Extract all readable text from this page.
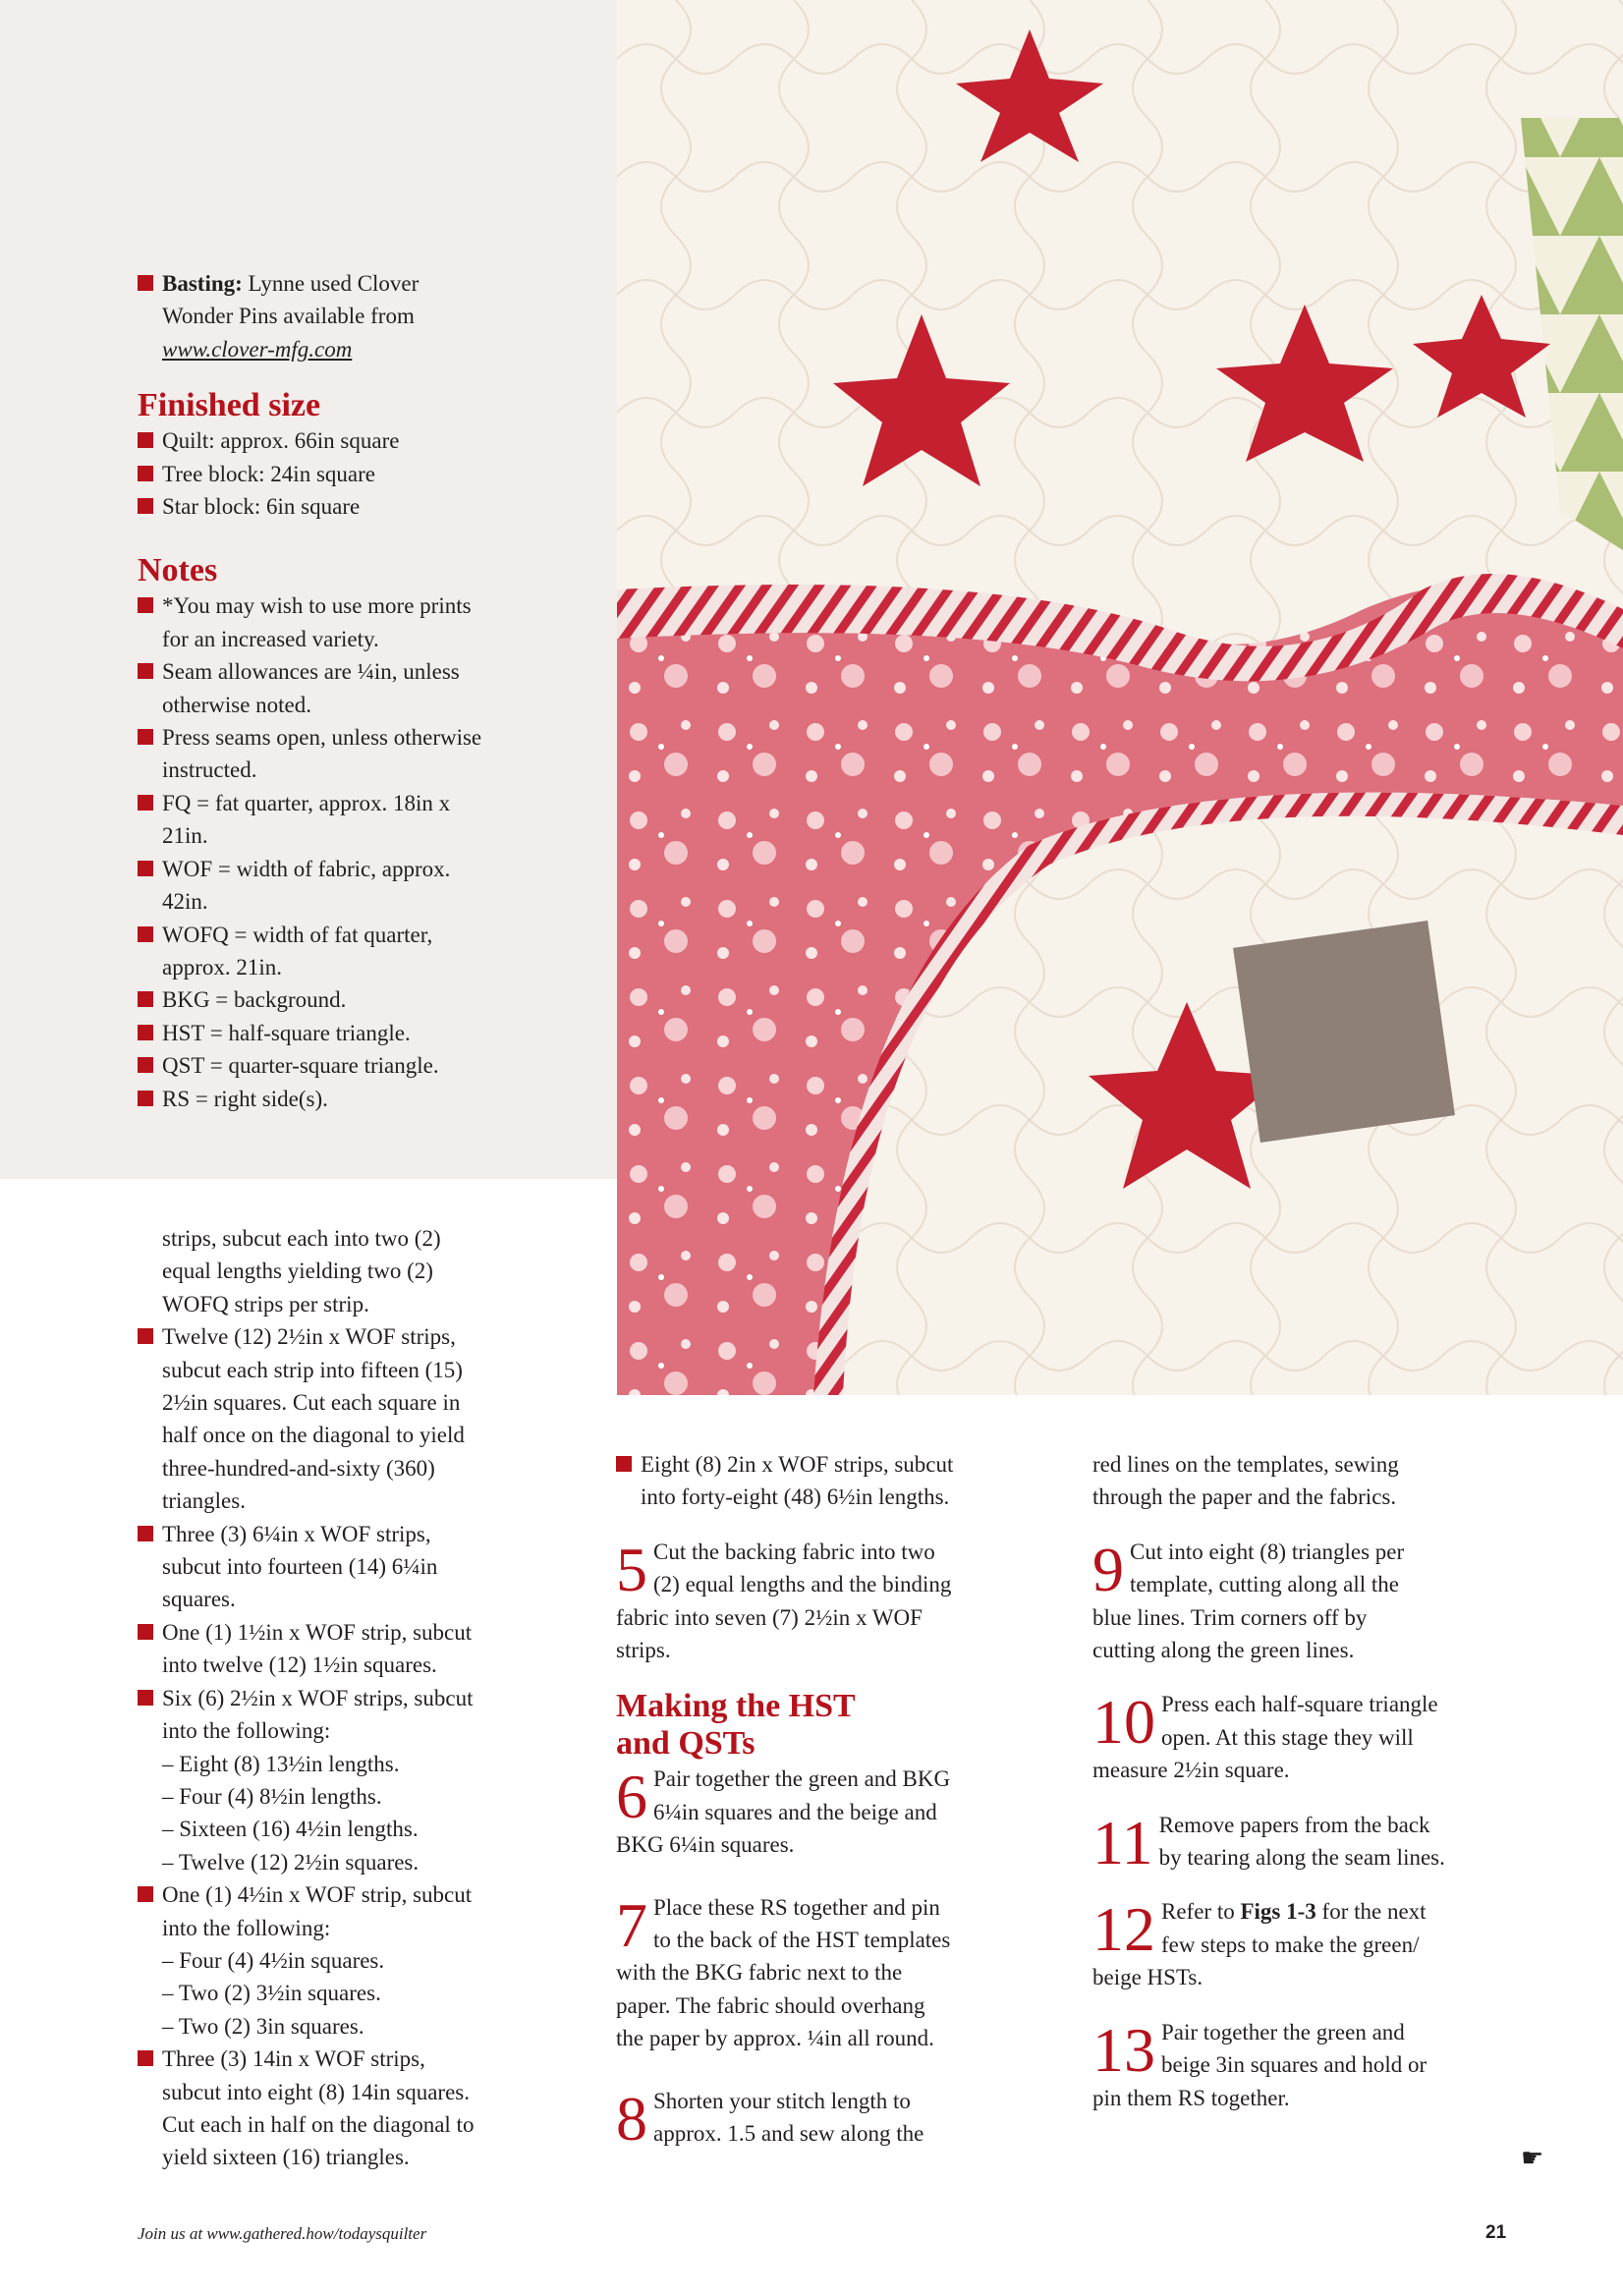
Basting: Lynne used Clover
Wonder Pins available from
www.clover-mfg.com
Finished size
Quilt: approx. 66in square
Tree block: 24in square
Star block: 6in square
Notes
*You may wish to use more prints
for an increased variety.
Seam allowances are ¼in, unless
otherwise noted.
Press seams open, unless otherwise
instructed.
FQ = fat quarter, approx. 18in x
21in.
WOF = width of fabric, approx.
42in.
WOFQ = width of fat quarter,
approx. 21in.
BKG = background.
HST = half-square triangle.
QST = quarter-square triangle.
RS = right side(s).
strips, subcut each into two (2)
equal lengths yielding two (2)
WOFQ strips per strip.
Twelve (12) 2½in x WOF strips,
subcut each strip into fifteen (15)
2½in squares. Cut each square in
half once on the diagonal to yield
three-hundred-and-sixty (360)
triangles.
Three (3) 6¼in x WOF strips,
subcut into fourteen (14) 6¼in
squares.
One (1) 1½in x WOF strip, subcut
into twelve (12) 1½in squares.
Six (6) 2½in x WOF strips, subcut
into the following:
– Eight (8) 13½in lengths.
– Four (4) 8½in lengths.
– Sixteen (16) 4½in lengths.
– Twelve (12) 2½in squares.
One (1) 4½in x WOF strip, subcut
into the following:
– Four (4) 4½in squares.
– Two (2) 3½in squares.
– Two (2) 3in squares.
Three (3) 14in x WOF strips,
subcut into eight (8) 14in squares.
Cut each in half on the diagonal to
yield sixteen (16) triangles.
Eight (8) 2in x WOF strips, subcut
into forty-eight (48) 6½in lengths.
5 Cut the backing fabric into two
(2) equal lengths and the binding
fabric into seven (7) 2½in x WOF
strips.
Making the HST
and QSTs
6 Pair together the green and BKG
6¼in squares and the beige and
BKG 6¼in squares.
7 Place these RS together and pin
to the back of the HST templates
with the BKG fabric next to the
paper. The fabric should overhang
the paper by approx. ¼in all round.
8 Shorten your stitch length to
approx. 1.5 and sew along the
red lines on the templates, sewing
through the paper and the fabrics.
9 Cut into eight (8) triangles per
template, cutting along all the
blue lines. Trim corners off by
cutting along the green lines.
10 Press each half-square triangle
open. At this stage they will
measure 2½in square.
11 Remove papers from the back
by tearing along the seam lines.
12 Refer to Figs 1-3 for the next
few steps to make the green/
beige HSTs.
13 Pair together the green and
beige 3in squares and hold or
pin them RS together.
☛
Join us at www.gathered.how/todaysquilter	21
